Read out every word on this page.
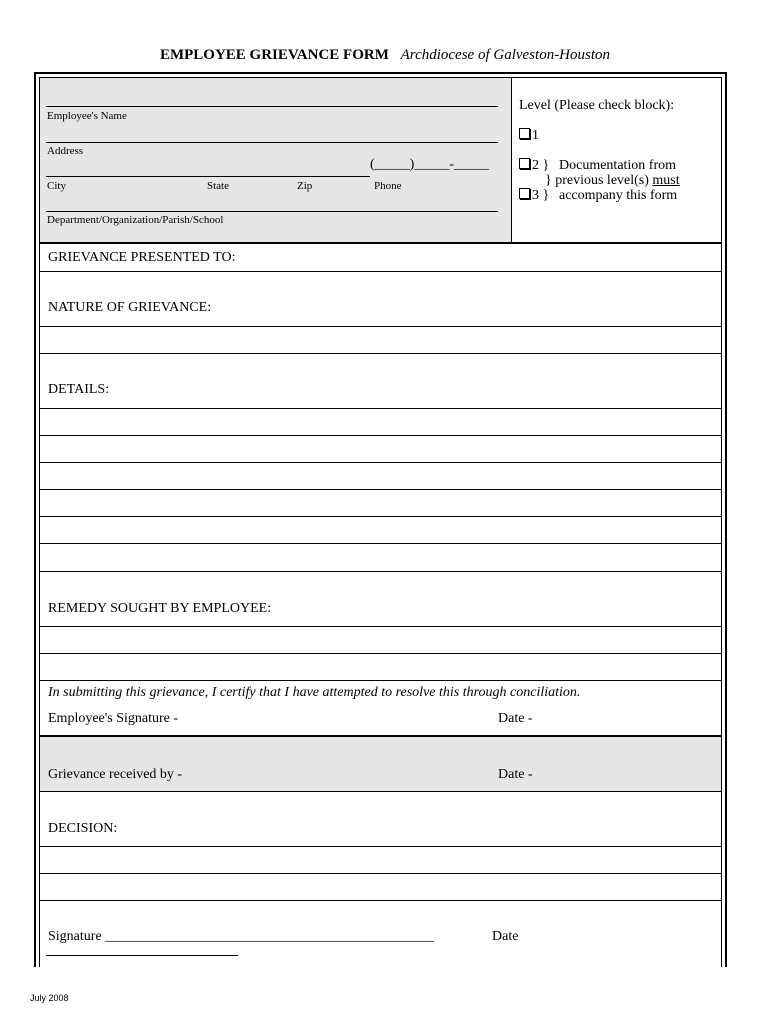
EMPLOYEE GRIEVANCE FORM Archdiocese of Galveston-Houston
Employee's Name
Address
(_____)_____-_____
City	State	Zip	Phone
Department/Organization/Parish/School
Level (Please check block):
1
2 } Documentation from
} previous level(s) must
3 } accompany this form
GRIEVANCE PRESENTED TO:
NATURE OF GRIEVANCE:
DETAILS:
REMEDY SOUGHT BY EMPLOYEE:
In submitting this grievance, I certify that I have attempted to resolve this through conciliation.
Employee's Signature -	Date -
Grievance received by -	Date -
DECISION:
Signature _______________________________________________	Date
July 2008
